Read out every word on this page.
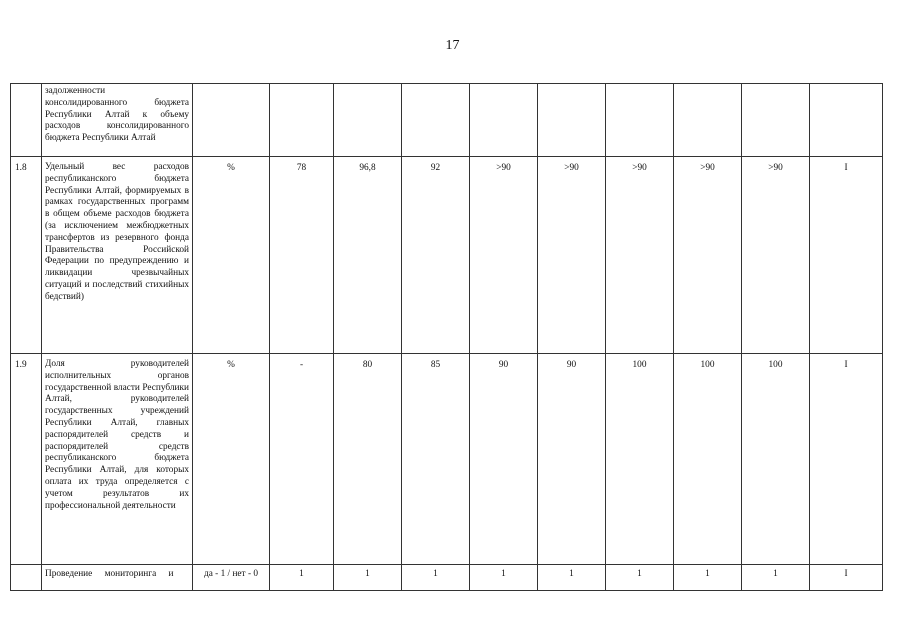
17
	задолженности консолидированного бюджета Республики Алтай к объему расходов консолидированного бюджета Республики Алтай										
1.8	Удельный вес расходов республиканского бюджета Республики Алтай, формируемых в рамках государственных программ в общем объеме расходов бюджета (за исключением межбюджетных трансфертов из резервного фонда Правительства Российской Федерации по предупреждению и ликвидации чрезвычайных ситуаций и последствий стихийных бедствий)	%	78	96,8	92	>90	>90	>90	>90	>90	I
1.9	Доля руководителей исполнительных органов государственной власти Республики Алтай, руководителей государственных учреждений Республики Алтай, главных распорядителей средств и распорядителей средств республиканского бюджета Республики Алтай, для которых оплата их труда определяется с учетом результатов их профессиональной деятельности	%	-	80	85	90	90	100	100	100	I
	Проведение мониторинга и	да - 1 / нет - 0	1	1	1	1	1	1	1	1	I
